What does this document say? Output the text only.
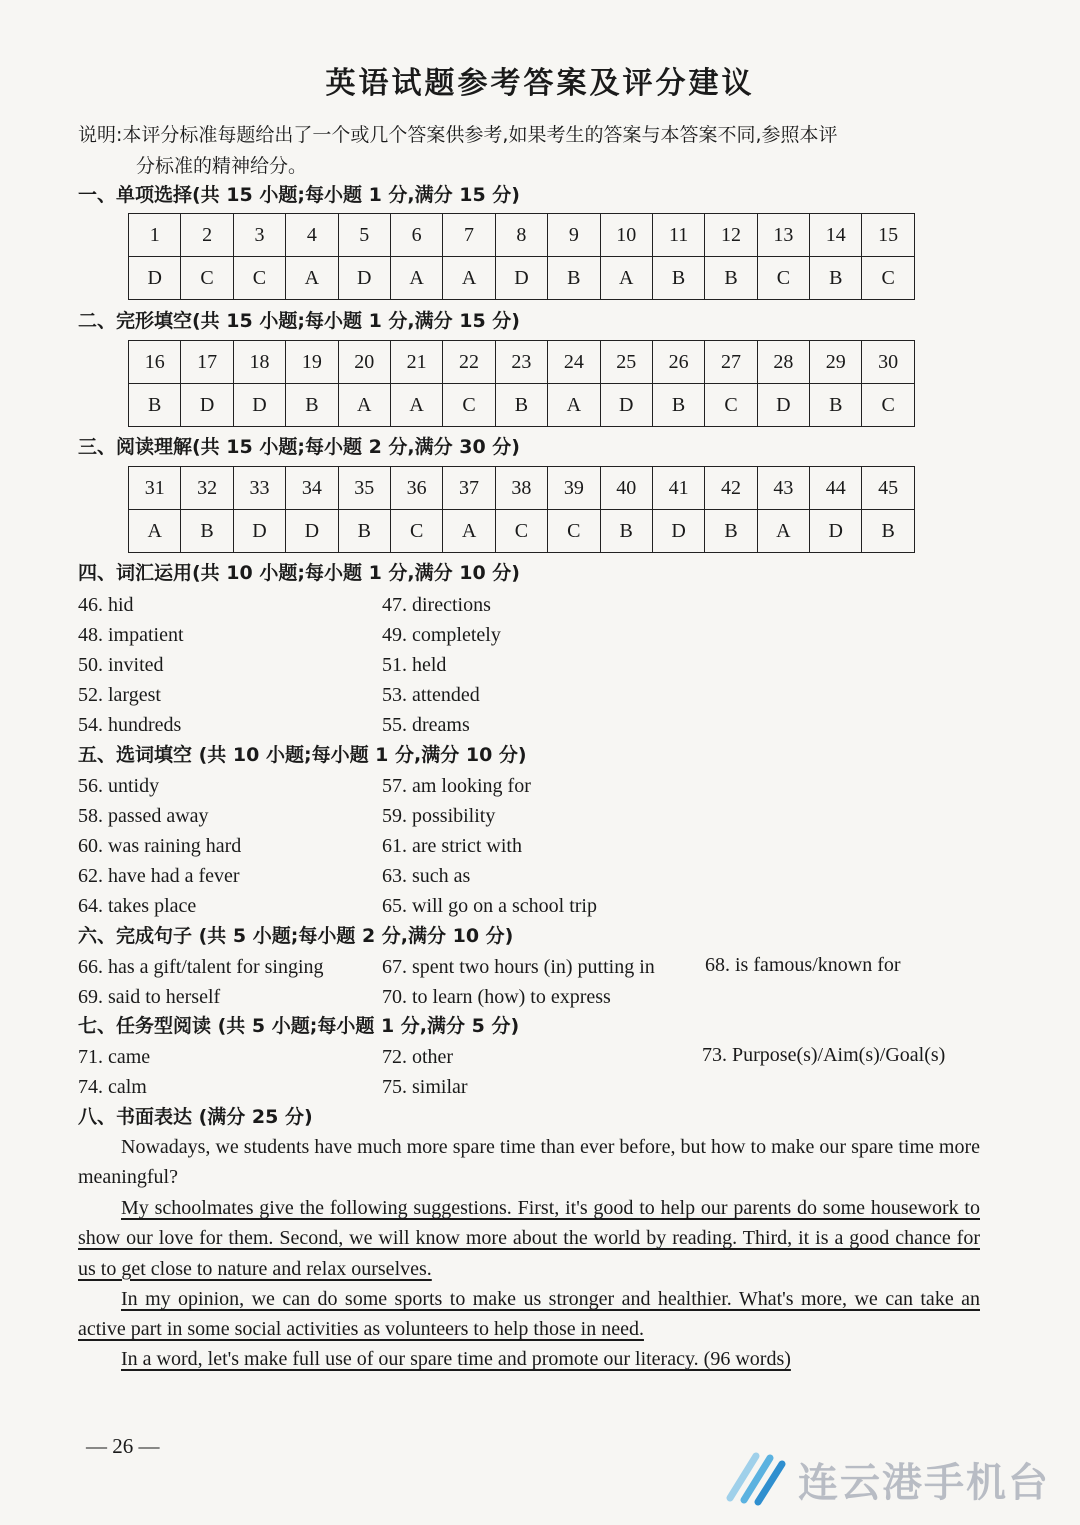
英语试题参考答案及评分建议
说明:本评分标准每题给出了一个或几个答案供参考,如果考生的答案与本答案不同,参照本评
分标准的精神给分。
一、单项选择(共 15 小题;每小题 1 分,满分 15 分)
1	2	3	4	5	6	7	8	9	10	11	12	13	14	15
D	C	C	A	D	A	A	D	B	A	B	B	C	B	C
二、完形填空(共 15 小题;每小题 1 分,满分 15 分)
16	17	18	19	20	21	22	23	24	25	26	27	28	29	30
B	D	D	B	A	A	C	B	A	D	B	C	D	B	C
三、阅读理解(共 15 小题;每小题 2 分,满分 30 分)
31	32	33	34	35	36	37	38	39	40	41	42	43	44	45
A	B	D	D	B	C	A	C	C	B	D	B	A	D	B
四、词汇运用(共 10 小题;每小题 1 分,满分 10 分)
46. hid	47. directions
48. impatient	49. completely
50. invited	51. held
52. largest	53. attended
54. hundreds	55. dreams
五、选词填空 (共 10 小题;每小题 1 分,满分 10 分)
56. untidy	57. am looking for
58. passed away	59. possibility
60. was raining hard	61. are strict with
62. have had a fever	63. such as
64. takes place	65. will go on a school trip
六、完成句子 (共 5 小题;每小题 2 分,满分 10 分)
66. has a gift/talent for singing	67. spent two hours (in) putting in	68. is famous/known for
69. said to herself	70. to learn (how) to express
七、任务型阅读 (共 5 小题;每小题 1 分,满分 5 分)
71. came	72. other	73. Purpose(s)/Aim(s)/Goal(s)
74. calm	75. similar
八、书面表达 (满分 25 分)
Nowadays, we students have much more spare time than ever before, but how to make our spare time more meaningful?
My schoolmates give the following suggestions. First, it's good to help our parents do some housework to show our love for them. Second, we will know more about the world by reading. Third, it is a good chance for us to get close to nature and relax ourselves.
In my opinion, we can do some sports to make us stronger and healthier. What's more, we can take an active part in some social activities as volunteers to help those in need.
In a word, let's make full use of our spare time and promote our literacy. (96 words)
— 26 —
连云港手机台
